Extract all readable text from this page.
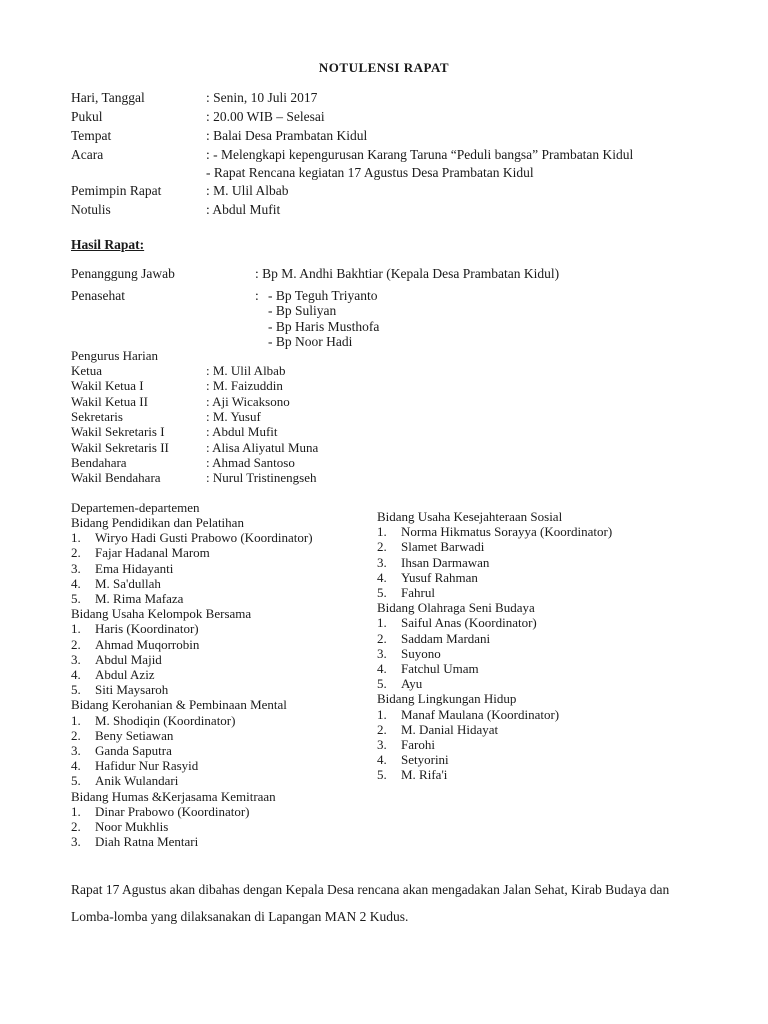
NOTULENSI RAPAT
Hari, Tanggal	: Senin, 10 Juli 2017
Pukul	: 20.00 WIB – Selesai
Tempat	: Balai Desa Prambatan Kidul
Acara	: - Melengkapi kepengurusan Karang Taruna “Peduli bangsa” Prambatan Kidul
- Rapat Rencana kegiatan 17 Agustus Desa Prambatan Kidul
Pemimpin Rapat	: M. Ulil Albab
Notulis	: Abdul Mufit
Hasil Rapat:
Penanggung Jawab	: Bp M. Andhi Bakhtiar (Kepala Desa Prambatan Kidul)
Penasehat	: - Bp Teguh Triyanto
- Bp Suliyan
- Bp Haris Musthofa
- Bp Noor Hadi
Pengurus Harian
Ketua	: M. Ulil Albab
Wakil Ketua I	: M. Faizuddin
Wakil Ketua II	: Aji Wicaksono
Sekretaris	: M. Yusuf
Wakil Sekretaris I	: Abdul Mufit
Wakil Sekretaris II	: Alisa Aliyatul Muna
Bendahara	: Ahmad Santoso
Wakil Bendahara	: Nurul Tristinengseh
Departemen-departemen
Bidang Pendidikan dan Pelatihan
1. Wiryo Hadi Gusti Prabowo (Koordinator)
2. Fajar Hadanal Marom
3. Ema Hidayanti
4. M. Sa'dullah
5. M. Rima Mafaza
Bidang Usaha Kelompok Bersama
1. Haris (Koordinator)
2. Ahmad Muqorrobin
3. Abdul Majid
4. Abdul Aziz
5. Siti Maysaroh
Bidang Kerohanian & Pembinaan Mental
1. M. Shodiqin (Koordinator)
2. Beny Setiawan
3. Ganda Saputra
4. Hafidur Nur Rasyid
5. Anik Wulandari
Bidang Humas &Kerjasama Kemitraan
1. Dinar Prabowo (Koordinator)
2. Noor Mukhlis
3. Diah Ratna Mentari
Bidang Usaha Kesejahteraan Sosial
1. Norma Hikmatus Sorayya (Koordinator)
2. Slamet Barwadi
3. Ihsan Darmawan
4. Yusuf Rahman
5. Fahrul
Bidang Olahraga Seni Budaya
1. Saiful Anas (Koordinator)
2. Saddam Mardani
3. Suyono
4. Fatchul Umam
5. Ayu
Bidang Lingkungan Hidup
1. Manaf Maulana (Koordinator)
2. M. Danial Hidayat
3. Farohi
4. Setyorini
5. M. Rifa'i
Rapat 17 Agustus akan dibahas dengan Kepala Desa rencana akan mengadakan Jalan Sehat, Kirab Budaya dan Lomba-lomba yang dilaksanakan di Lapangan MAN 2 Kudus.
